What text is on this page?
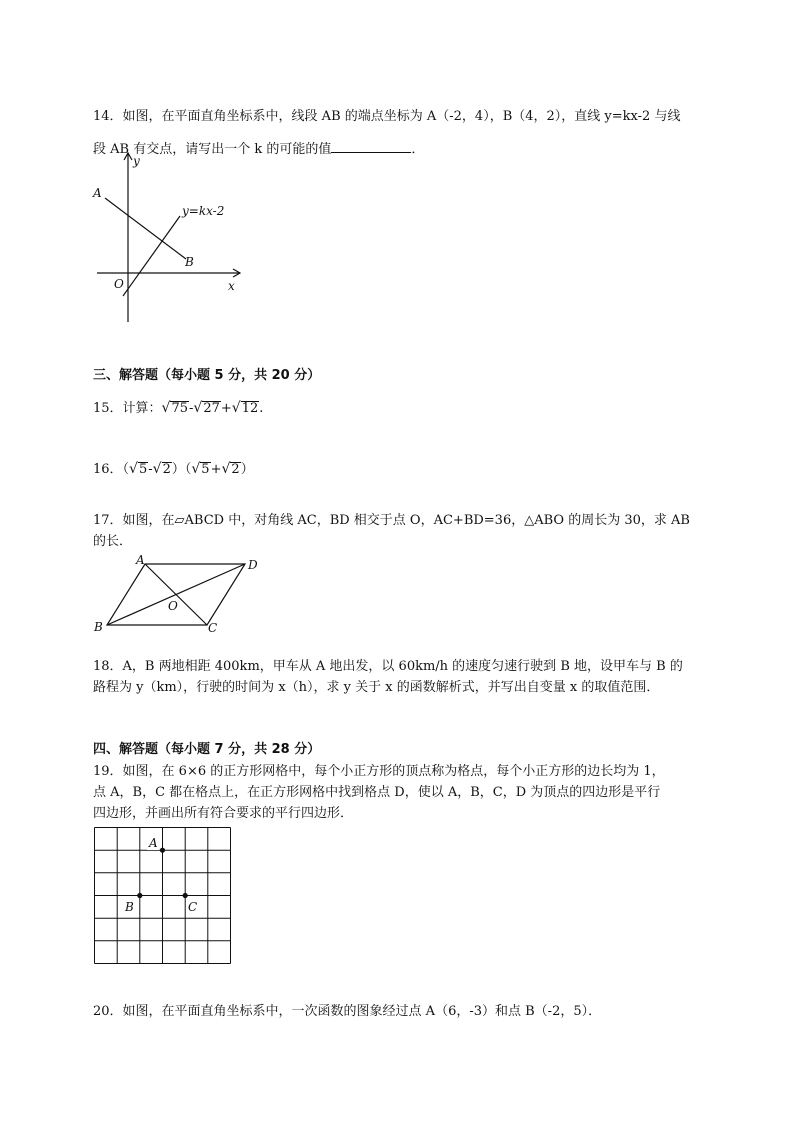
14．如图，在平面直角坐标系中，线段 AB 的端点坐标为 A（-2，4），B（4，2），直线 y=kx-2 与线
段 AB 有交点，请写出一个 k 的可能的值	．
y
x
O
A
B
y=kx-2
三、解答题（每小题 5 分，共 20 分）
15．计算：√75-√27+√12.
16．（√5-√2）（√5+√2）
17．如图，在▱ABCD 中，对角线 AC，BD 相交于点 O，AC+BD=36，△ABO 的周长为 30，求 AB
的长．
A	D
B	C
O
18．A，B 两地相距 400km，甲车从 A 地出发，以 60km/h 的速度匀速行驶到 B 地，设甲车与 B 的
路程为 y（km），行驶的时间为 x（h），求 y 关于 x 的函数解析式，并写出自变量 x 的取值范围．
四、解答题（每小题 7 分，共 28 分）
19．如图，在 6×6 的正方形网格中，每个小正方形的顶点称为格点，每个小正方形的边长均为 1，
点 A，B，C 都在格点上，在正方形网格中找到格点 D，使以 A，B，C，D 为顶点的四边形是平行
四边形，并画出所有符合要求的平行四边形．
A
B	C
20．如图，在平面直角坐标系中，一次函数的图象经过点 A（6，-3）和点 B（-2，5）．
